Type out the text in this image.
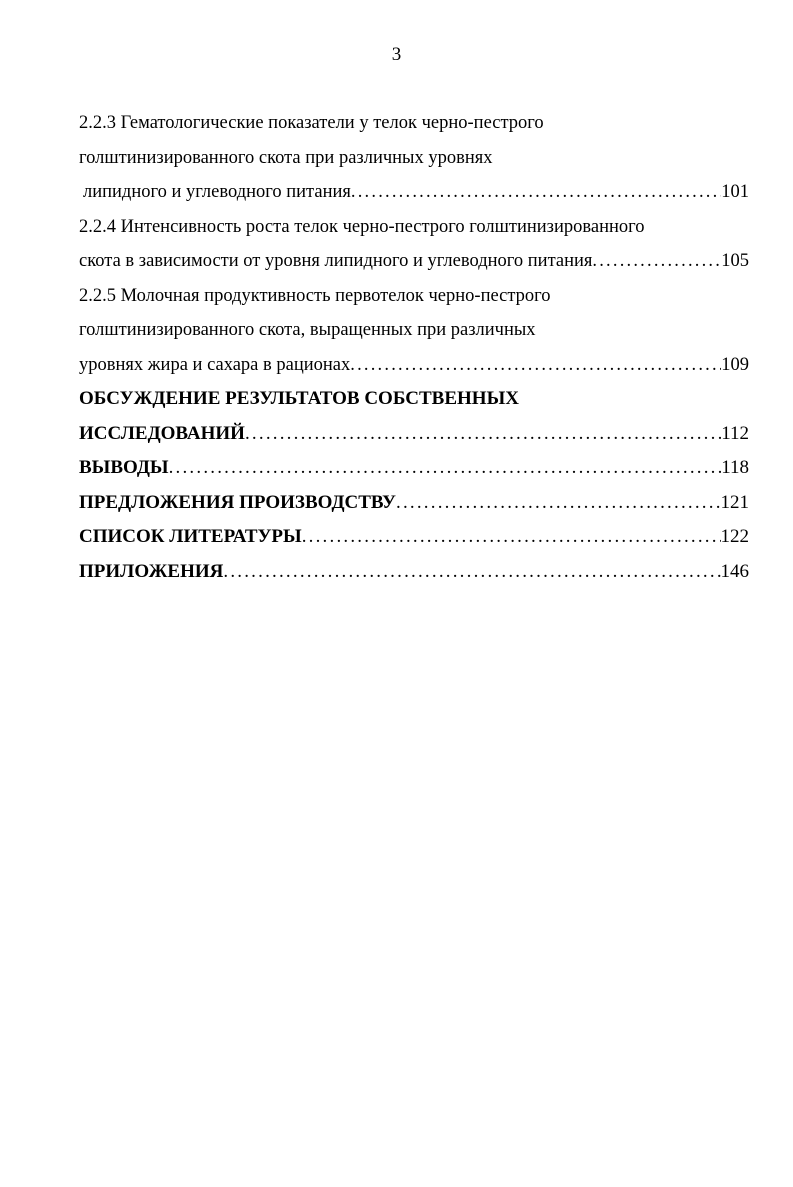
3
2.2.3 Гематологические показатели у телок черно-пестрого
голштинизированного скота при различных уровнях
липидного и углеводного питания .....	101
2.2.4 Интенсивность роста телок черно-пестрого голштинизированного
скота в зависимости от уровня липидного и углеводного питания .....	105
2.2.5 Молочная продуктивность первотелок черно-пестрого
голштинизированного скота, выращенных при различных
уровнях жира и сахара в рационах .....	109
ОБСУЖДЕНИЕ РЕЗУЛЬТАТОВ СОБСТВЕННЫХ
ИССЛЕДОВАНИЙ .....	112
ВЫВОДЫ .....	118
ПРЕДЛОЖЕНИЯ ПРОИЗВОДСТВУ .....	121
СПИСОК ЛИТЕРАТУРЫ .....	122
ПРИЛОЖЕНИЯ .....	146
